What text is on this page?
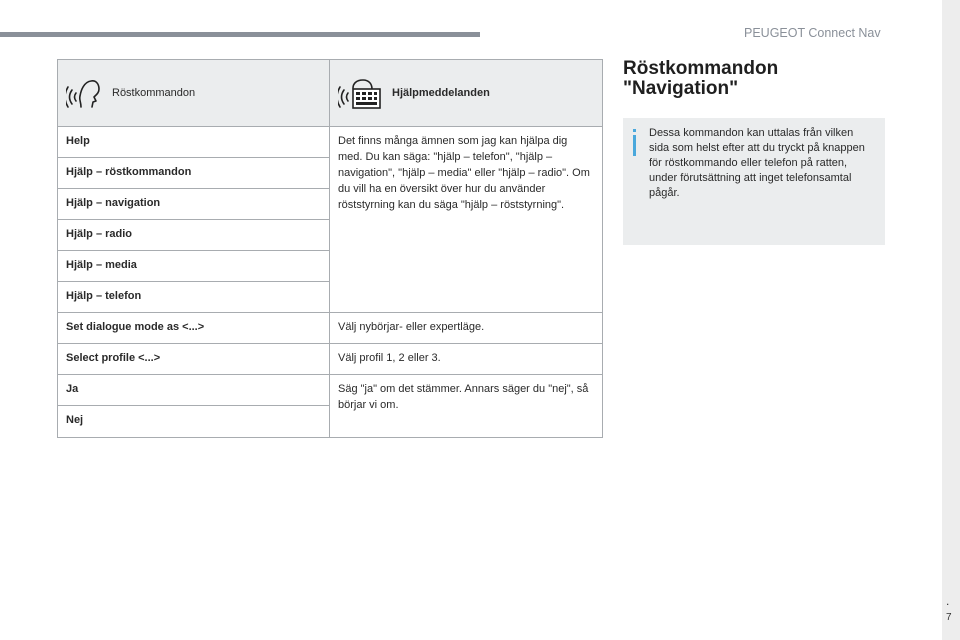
PEUGEOT Connect Nav
.
7
Röstkommandon	Hjälpmeddelanden

Help	Det finns många ämnen som jag kan hjälpa dig med. Du kan säga: "hjälp – telefon", "hjälp – navigation", "hjälp – media" eller "hjälp – radio". Om du vill ha en översikt över hur du använder röststyrning kan du säga "hjälp – röststyrning".
Hjälp – röstkommandon	
Hjälp – navigation	
Hjälp – radio	
Hjälp – media	
Hjälp – telefon	
Set dialogue mode as <...>	Välj nybörjar- eller expertläge.
Select profile <...>	Välj profil 1, 2 eller 3.
Ja	Säg "ja" om det stämmer. Annars säger du "nej", så börjar vi om.
Nej	
Röstkommandon
"Navigation"
Dessa kommandon kan uttalas från vilken sida som helst efter att du tryckt på knappen för röstkommando eller telefon på ratten, under förutsättning att inget telefonsamtal pågår.
